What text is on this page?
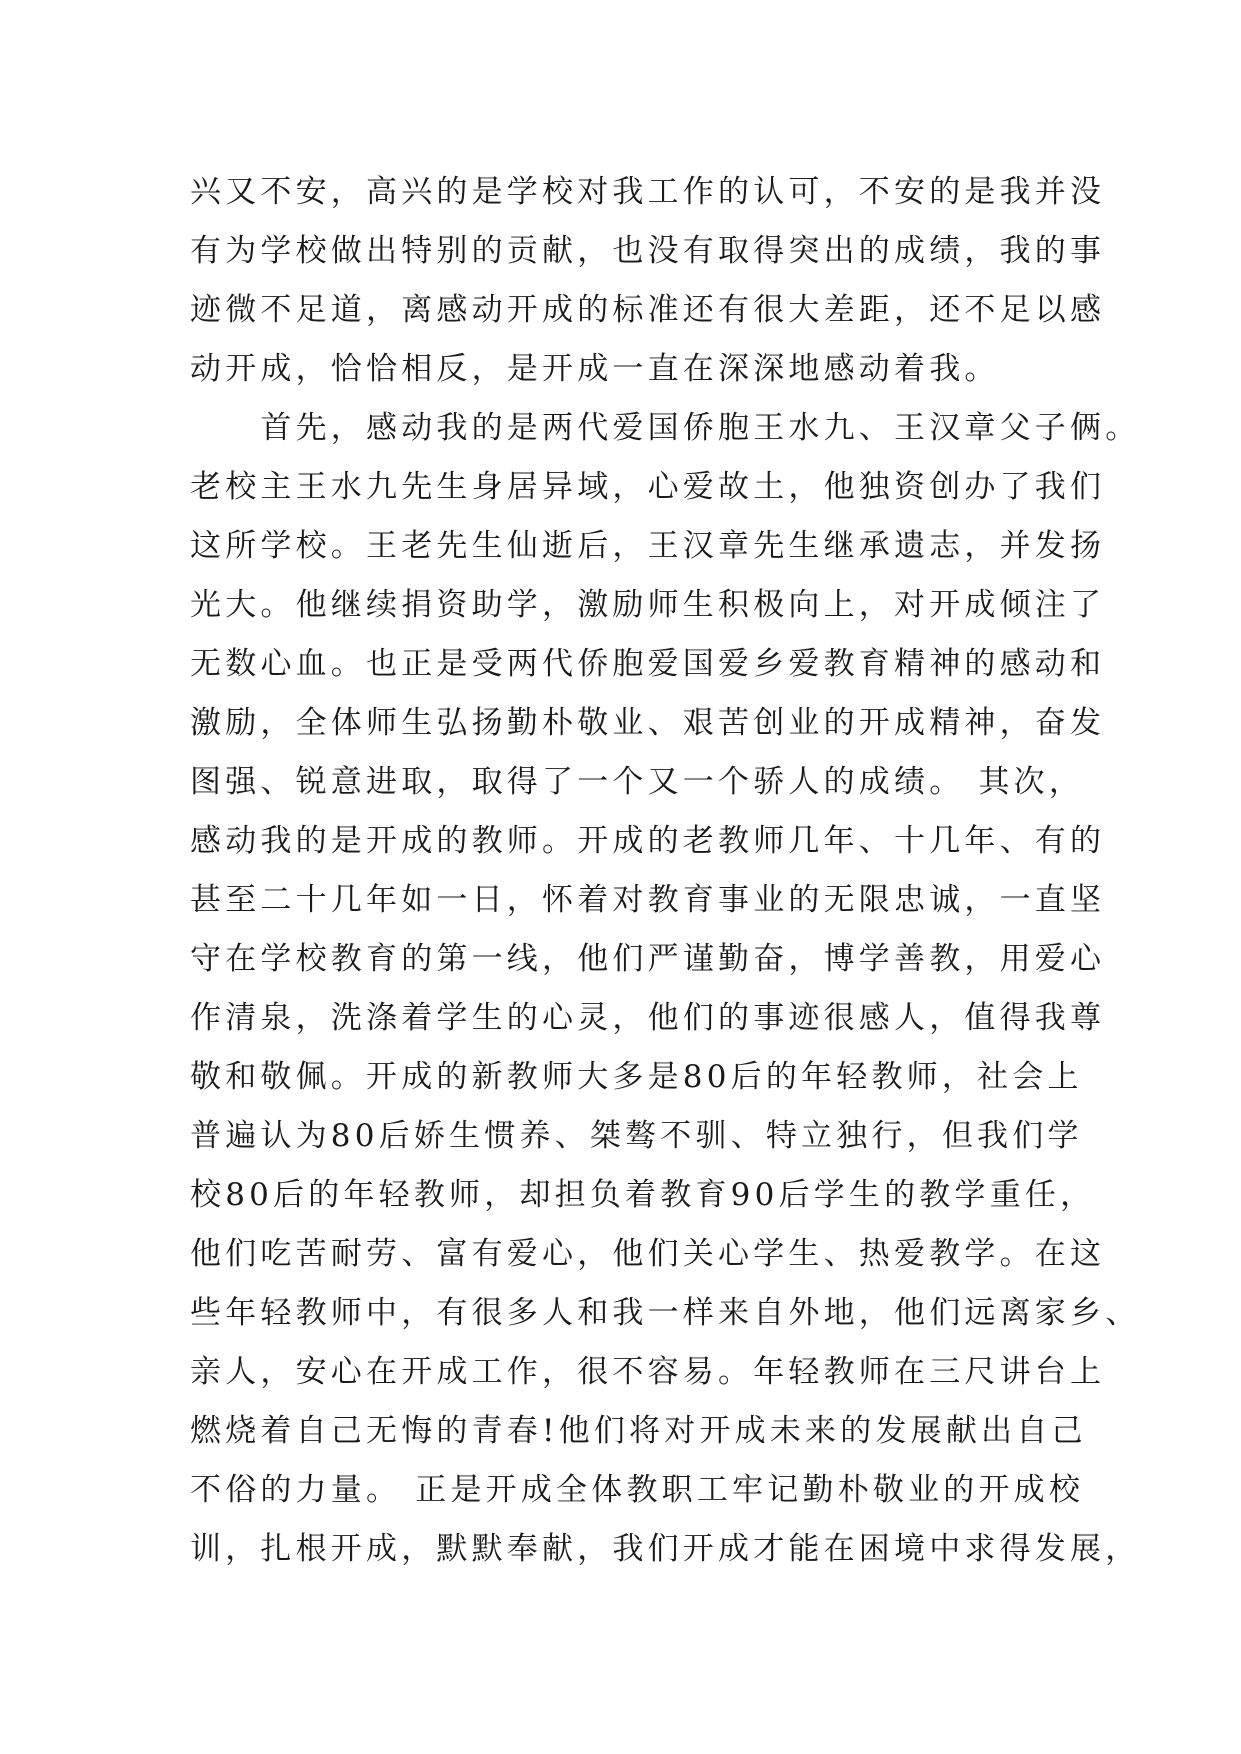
兴又不安，高兴的是学校对我工作的认可，不安的是我并没
有为学校做出特别的贡献，也没有取得突出的成绩，我的事
迹微不足道，离感动开成的标准还有很大差距，还不足以感
动开成，恰恰相反，是开成一直在深深地感动着我。
　　首先，感动我的是两代爱国侨胞王水九、王汉章父子俩。
老校主王水九先生身居异域，心爱故土，他独资创办了我们
这所学校。王老先生仙逝后，王汉章先生继承遗志，并发扬
光大。他继续捐资助学，激励师生积极向上，对开成倾注了
无数心血。也正是受两代侨胞爱国爱乡爱教育精神的感动和
激励，全体师生弘扬勤朴敬业、艰苦创业的开成精神，奋发
图强、锐意进取，取得了一个又一个骄人的成绩。 其次，
感动我的是开成的教师。开成的老教师几年、十几年、有的
甚至二十几年如一日，怀着对教育事业的无限忠诚，一直坚
守在学校教育的第一线，他们严谨勤奋，博学善教，用爱心
作清泉，洗涤着学生的心灵，他们的事迹很感人，值得我尊
敬和敬佩。开成的新教师大多是80后的年轻教师，社会上
普遍认为80后娇生惯养、桀骜不驯、特立独行，但我们学
校80后的年轻教师，却担负着教育90后学生的教学重任，
他们吃苦耐劳、富有爱心，他们关心学生、热爱教学。在这
些年轻教师中，有很多人和我一样来自外地，他们远离家乡、
亲人，安心在开成工作，很不容易。年轻教师在三尺讲台上
燃烧着自己无悔的青春!他们将对开成未来的发展献出自己
不俗的力量。 正是开成全体教职工牢记勤朴敬业的开成校
训，扎根开成，默默奉献，我们开成才能在困境中求得发展，
